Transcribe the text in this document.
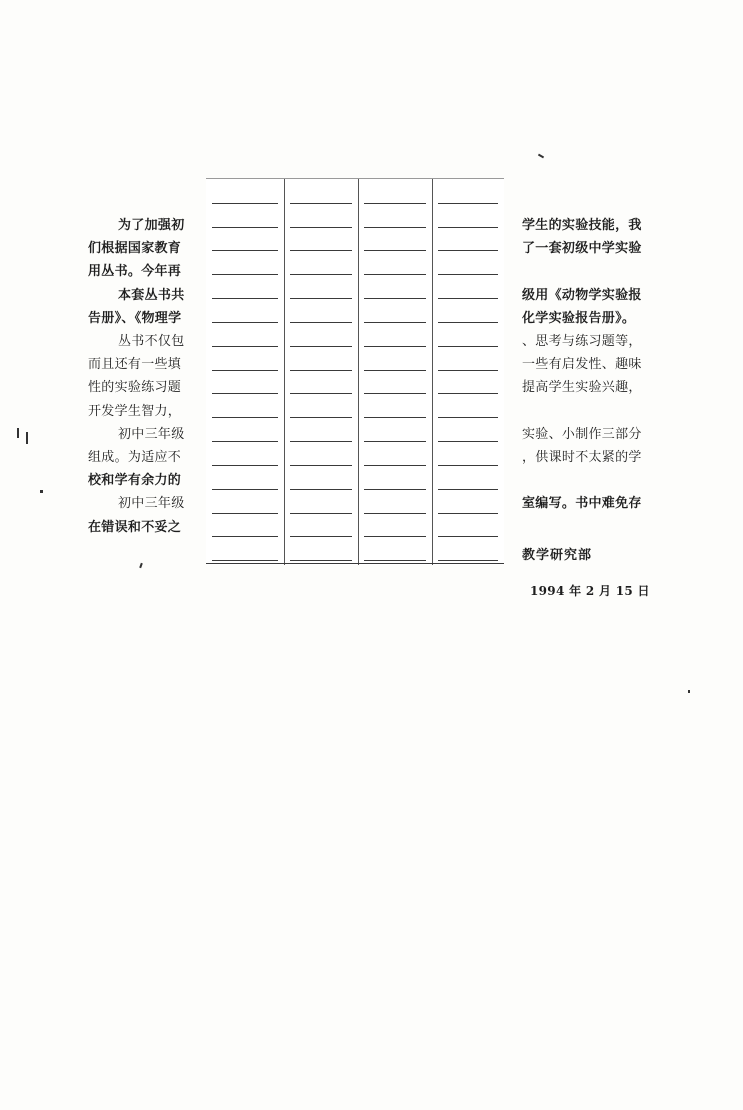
为了加强初
们根据国家教育
用丛书。今年再
本套丛书共
告册》、《物理学
丛书不仅包
而且还有一些填
性的实验练习题
开发学生智力，
初中三年级
组成。为适应不
校和学有余力的
初中三年级
在错误和不妥之
学生的实验技能，我
了一套初级中学实验
级用《动物学实验报
化学实验报告册》。
、思考与练习题等，
一些有启发性、趣味
提高学生实验兴趣，
实验、小制作三部分
，供课时不太紧的学
室编写。书中难免存
教学研究部
1994 年 2 月 15 日
